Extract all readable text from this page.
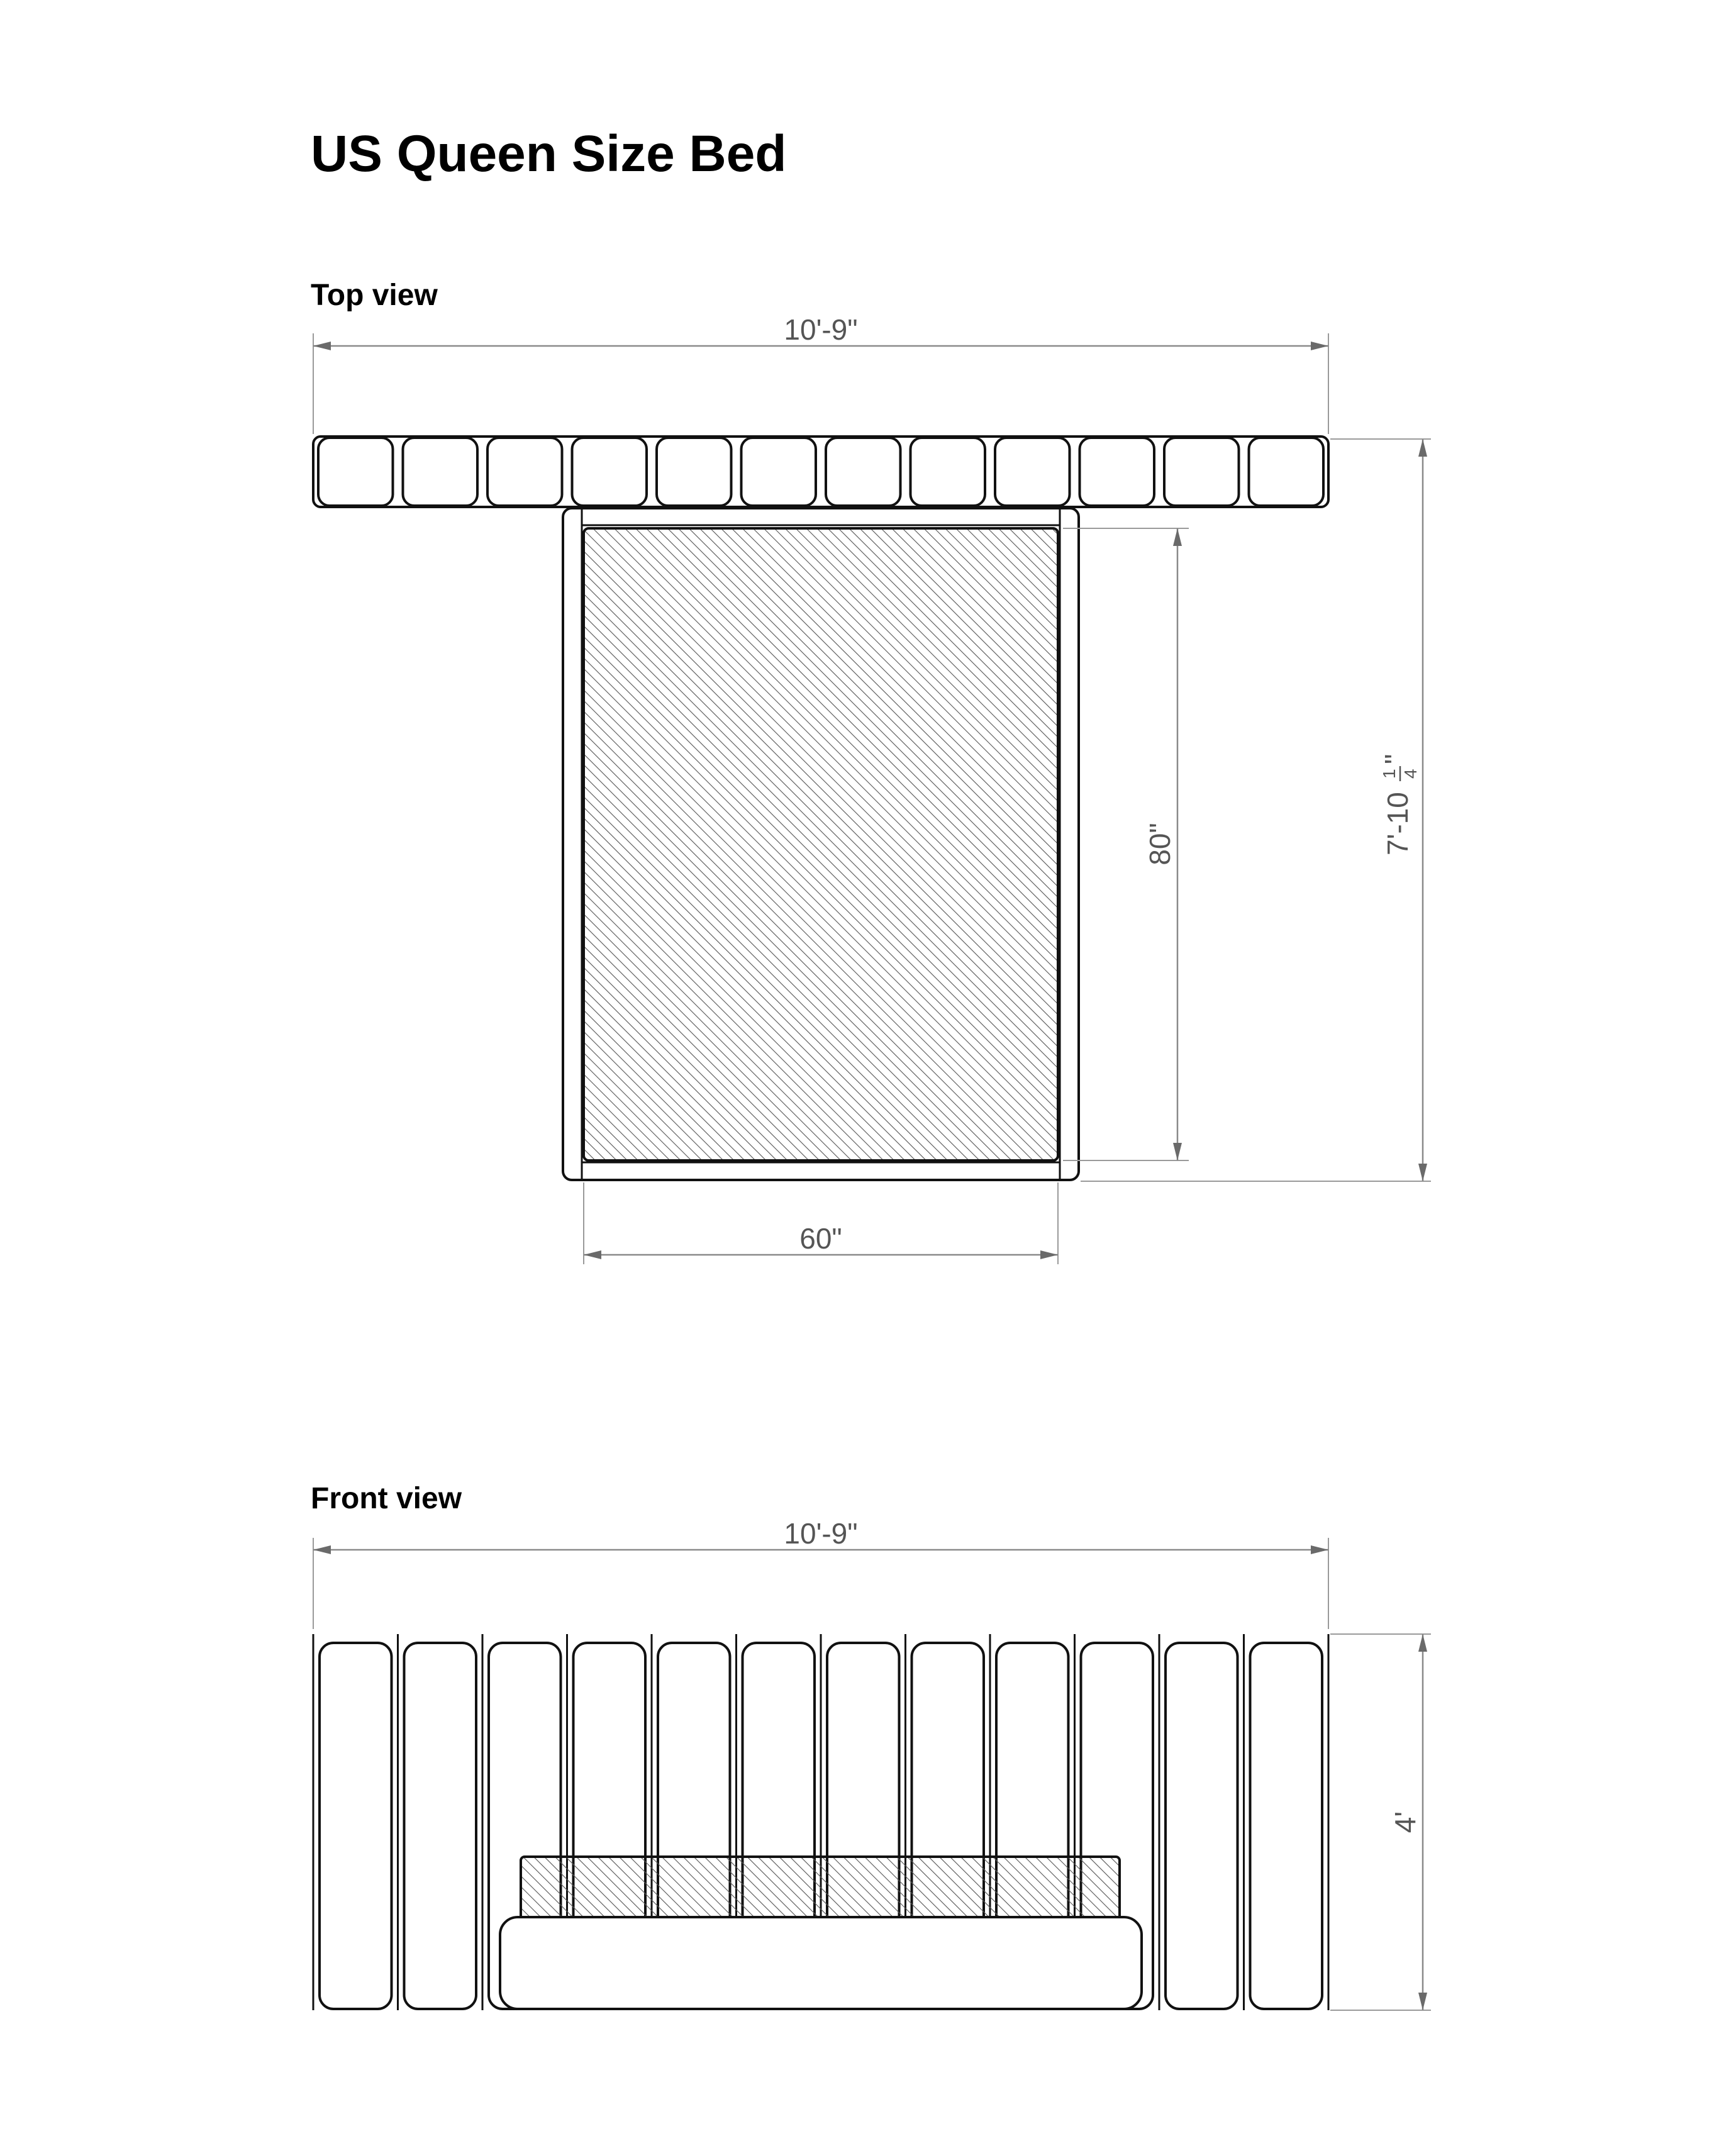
US Queen Size Bed
Top view
10'-9"
80"	7'-10
1 4
"
60"
Front view
10'-9"
4'
